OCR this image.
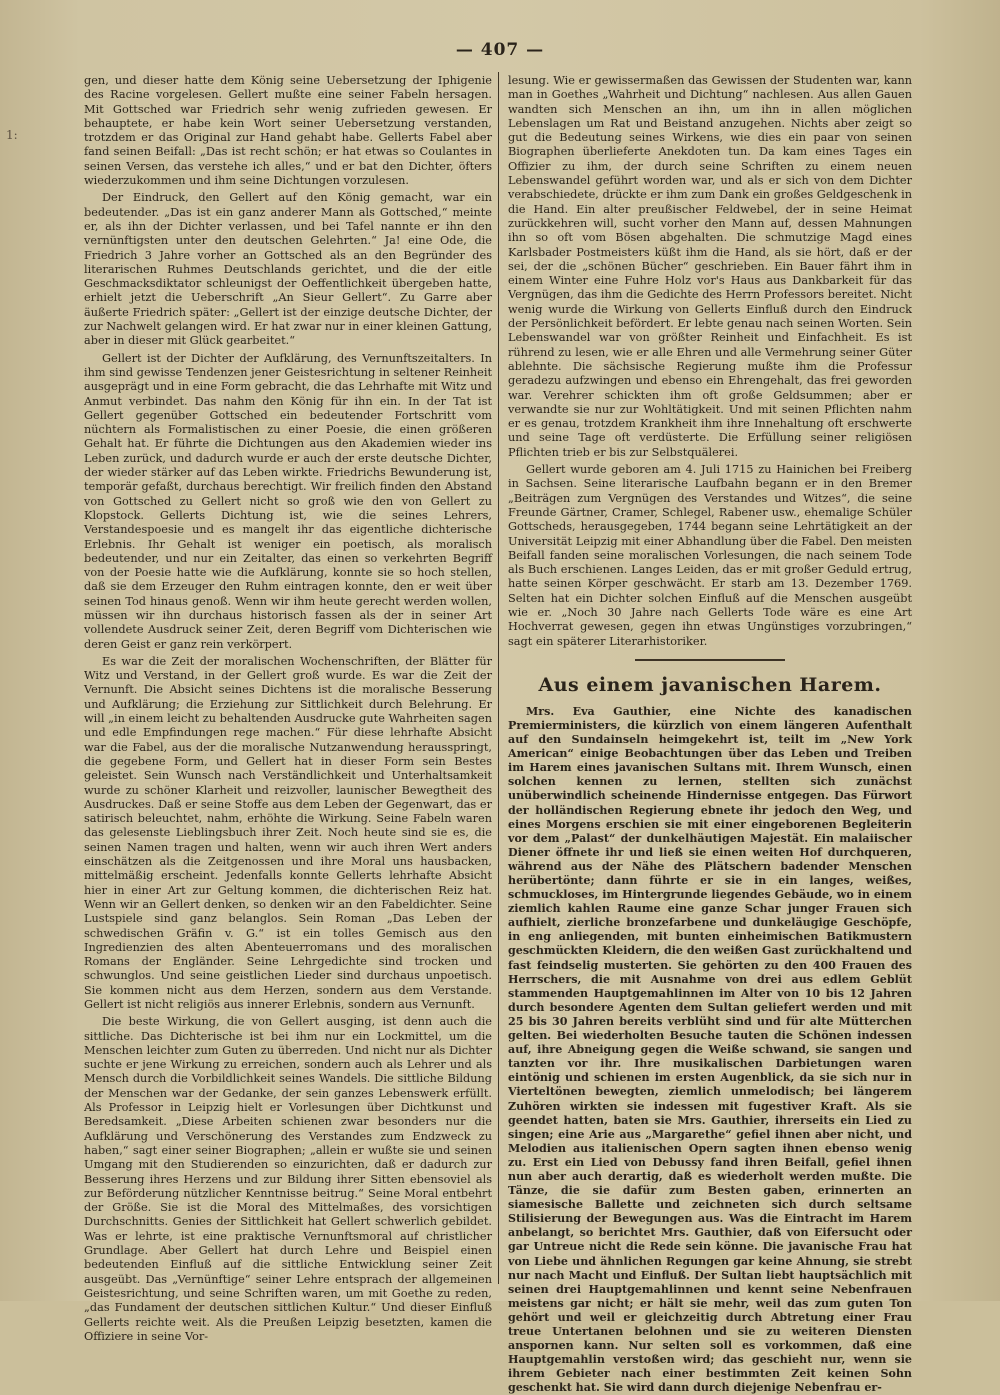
— 407 —
1:

gen, und dieser hatte dem König seine Uebersetzung der Iphigenie des Racine vorgelesen. Gellert mußte eine seiner Fabeln hersagen. Mit Gottsched war Friedrich sehr wenig zufrieden gewesen. Er behauptete, er habe kein Wort seiner Uebersetzung verstanden, trotzdem er das Original zur Hand gehabt habe. Gellerts Fabel aber fand seinen Beifall: „Das ist recht schön; er hat etwas so Coulantes in seinen Versen, das verstehe ich alles,“ und er bat den Dichter, öfters wiederzukommen und ihm seine Dichtungen vorzulesen.

Der Eindruck, den Gellert auf den König gemacht, war ein bedeutender. „Das ist ein ganz anderer Mann als Gottsched,“ meinte er, als ihn der Dichter verlassen, und bei Tafel nannte er ihn den vernünftigsten unter den deutschen Gelehrten.“ Ja! eine Ode, die Friedrich 3 Jahre vorher an Gottsched als an den Begründer des literarischen Ruhmes Deutschlands gerichtet, und die der eitle Geschmacksdiktator schleunigst der Oeffentlichkeit übergeben hatte, erhielt jetzt die Ueberschrift „An Sieur Gellert“. Zu Garre aber äußerte Friedrich später: „Gellert ist der einzige deutsche Dichter, der zur Nachwelt gelangen wird. Er hat zwar nur in einer kleinen Gattung, aber in dieser mit Glück gearbeitet.“

Gellert ist der Dichter der Aufklärung, des Vernunftszeitalters. In ihm sind gewisse Tendenzen jener Geistesrichtung in seltener Reinheit ausgeprägt und in eine Form gebracht, die das Lehrhafte mit Witz und Anmut verbindet. Das nahm den König für ihn ein. In der Tat ist Gellert gegenüber Gottsched ein bedeutender Fortschritt vom nüchtern als Formalistischen zu einer Poesie, die einen größeren Gehalt hat. Er führte die Dichtungen aus den Akademien wieder ins Leben zurück, und dadurch wurde er auch der erste deutsche Dichter, der wieder stärker auf das Leben wirkte. Friedrichs Bewunderung ist, temporär gefaßt, durchaus berechtigt. Wir freilich finden den Abstand von Gottsched zu Gellert nicht so groß wie den von Gellert zu Klopstock. Gellerts Dichtung ist, wie die seines Lehrers, Verstandespoesie und es mangelt ihr das eigentliche dichterische Erlebnis. Ihr Gehalt ist weniger ein poetisch, als moralisch bedeutender, und nur ein Zeitalter, das einen so verkehrten Begriff von der Poesie hatte wie die Aufklärung, konnte sie so hoch stellen, daß sie dem Erzeuger den Ruhm eintragen konnte, den er weit über seinen Tod hinaus genoß. Wenn wir ihm heute gerecht werden wollen, müssen wir ihn durchaus historisch fassen als der in seiner Art vollendete Ausdruck seiner Zeit, deren Begriff vom Dichterischen wie deren Geist er ganz rein verkörpert.

Es war die Zeit der moralischen Wochenschriften, der Blätter für Witz und Verstand, in der Gellert groß wurde. Es war die Zeit der Vernunft. Die Absicht seines Dichtens ist die moralische Besserung und Aufklärung; die Erziehung zur Sittlichkeit durch Belehrung. Er will „in einem leicht zu behaltenden Ausdrucke gute Wahrheiten sagen und edle Empfindungen rege machen.“ Für diese lehrhafte Absicht war die Fabel, aus der die moralische Nutzanwendung herausspringt, die gegebene Form, und Gellert hat in dieser Form sein Bestes geleistet. Sein Wunsch nach Verständlichkeit und Unterhaltsamkeit wurde zu schöner Klarheit und reizvoller, launischer Bewegtheit des Ausdruckes. Daß er seine Stoffe aus dem Leben der Gegenwart, das er satirisch beleuchtet, nahm, erhöhte die Wirkung. Seine Fabeln waren das gelesenste Lieblingsbuch ihrer Zeit. Noch heute sind sie es, die seinen Namen tragen und halten, wenn wir auch ihren Wert anders einschätzen als die Zeitgenossen und ihre Moral uns hausbacken, mittelmäßig erscheint. Jedenfalls konnte Gellerts lehrhafte Absicht hier in einer Art zur Geltung kommen, die dichterischen Reiz hat. Wenn wir an Gellert denken, so denken wir an den Fabeldichter. Seine Lustspiele sind ganz belanglos. Sein Roman „Das Leben der schwedischen Gräfin v. G.“ ist ein tolles Gemisch aus den Ingredienzien des alten Abenteuerromans und des moralischen Romans der Engländer. Seine Lehrgedichte sind trocken und schwunglos. Und seine geistlichen Lieder sind durchaus unpoetisch. Sie kommen nicht aus dem Herzen, sondern aus dem Verstande. Gellert ist nicht religiös aus innerer Erlebnis, sondern aus Vernunft.

Die beste Wirkung, die von Gellert ausging, ist denn auch die sittliche. Das Dichterische ist bei ihm nur ein Lockmittel, um die Menschen leichter zum Guten zu überreden. Und nicht nur als Dichter suchte er jene Wirkung zu erreichen, sondern auch als Lehrer und als Mensch durch die Vorbildlichkeit seines Wandels. Die sittliche Bildung der Menschen war der Gedanke, der sein ganzes Lebenswerk erfüllt. Als Professor in Leipzig hielt er Vorlesungen über Dichtkunst und Beredsamkeit. „Diese Arbeiten schienen zwar besonders nur die Aufklärung und Verschönerung des Verstandes zum Endzweck zu haben,“ sagt einer seiner Biographen; „allein er wußte sie und seinen Umgang mit den Studierenden so einzurichten, daß er dadurch zur Besserung ihres Herzens und zur Bildung ihrer Sitten ebensoviel als zur Beförderung nützlicher Kenntnisse beitrug.“ Seine Moral entbehrt der Größe. Sie ist die Moral des Mittelmaßes, des vorsichtigen Durchschnitts. Genies der Sittlichkeit hat Gellert schwerlich gebildet. Was er lehrte, ist eine praktische Vernunftsmoral auf christlicher Grundlage. Aber Gellert hat durch Lehre und Beispiel einen bedeutenden Einfluß auf die sittliche Entwicklung seiner Zeit ausgeübt. Das „Vernünftige“ seiner Lehre entsprach der allgemeinen Geistesrichtung, und seine Schriften waren, um mit Goethe zu reden, „das Fundament der deutschen sittlichen Kultur.“ Und dieser Einfluß Gellerts reichte weit. Als die Preußen Leipzig besetzten, kamen die Offiziere in seine Vor-

lesung. Wie er gewissermaßen das Gewissen der Studenten war, kann man in Goethes „Wahrheit und Dichtung“ nachlesen. Aus allen Gauen wandten sich Menschen an ihn, um ihn in allen möglichen Lebenslagen um Rat und Beistand anzugehen. Nichts aber zeigt so gut die Bedeutung seines Wirkens, wie dies ein paar von seinen Biographen überlieferte Anekdoten tun. Da kam eines Tages ein Offizier zu ihm, der durch seine Schriften zu einem neuen Lebenswandel geführt worden war, und als er sich von dem Dichter verabschiedete, drückte er ihm zum Dank ein großes Geldgeschenk in die Hand. Ein alter preußischer Feldwebel, der in seine Heimat zurückkehren will, sucht vorher den Mann auf, dessen Mahnungen ihn so oft vom Bösen abgehalten. Die schmutzige Magd eines Karlsbader Postmeisters küßt ihm die Hand, als sie hört, daß er der sei, der die „schönen Bücher“ geschrieben. Ein Bauer fährt ihm in einem Winter eine Fuhre Holz vor's Haus aus Dankbarkeit für das Vergnügen, das ihm die Gedichte des Herrn Professors bereitet. Nicht wenig wurde die Wirkung von Gellerts Einfluß durch den Eindruck der Persönlichkeit befördert. Er lebte genau nach seinen Worten. Sein Lebenswandel war von größter Reinheit und Einfachheit. Es ist rührend zu lesen, wie er alle Ehren und alle Vermehrung seiner Güter ablehnte. Die sächsische Regierung mußte ihm die Professur geradezu aufzwingen und ebenso ein Ehrengehalt, das frei geworden war. Verehrer schickten ihm oft große Geldsummen; aber er verwandte sie nur zur Wohltätigkeit. Und mit seinen Pflichten nahm er es genau, trotzdem Krankheit ihm ihre Innehaltung oft erschwerte und seine Tage oft verdüsterte. Die Erfüllung seiner religiösen Pflichten trieb er bis zur Selbstquälerei.

Gellert wurde geboren am 4. Juli 1715 zu Hainichen bei Freiberg in Sachsen. Seine literarische Laufbahn begann er in den Bremer „Beiträgen zum Vergnügen des Verstandes und Witzes“, die seine Freunde Gärtner, Cramer, Schlegel, Rabener usw., ehemalige Schüler Gottscheds, herausgegeben, 1744 begann seine Lehrtätigkeit an der Universität Leipzig mit einer Abhandlung über die Fabel. Den meisten Beifall fanden seine moralischen Vorlesungen, die nach seinem Tode als Buch erschienen. Langes Leiden, das er mit großer Geduld ertrug, hatte seinen Körper geschwächt. Er starb am 13. Dezember 1769. Selten hat ein Dichter solchen Einfluß auf die Menschen ausgeübt wie er. „Noch 30 Jahre nach Gellerts Tode wäre es eine Art Hochverrat gewesen, gegen ihn etwas Ungünstiges vorzubringen,“ sagt ein späterer Literarhistoriker.

Aus einem javanischen Harem.

Mrs. Eva Gauthier, eine Nichte des kanadischen Premierministers, die kürzlich von einem längeren Aufenthalt auf den Sundainseln heimgekehrt ist, teilt im „New York American“ einige Beobachtungen über das Leben und Treiben im Harem eines javanischen Sultans mit. Ihrem Wunsch, einen solchen kennen zu lernen, stellten sich zunächst unüberwindlich scheinende Hindernisse entgegen. Das Fürwort der holländischen Regierung ebnete ihr jedoch den Weg, und eines Morgens erschien sie mit einer eingeborenen Begleiterin vor dem „Palast“ der dunkelhäutigen Majestät. Ein malaiischer Diener öffnete ihr und ließ sie einen weiten Hof durchqueren, während aus der Nähe des Plätschern badender Menschen herübertönte; dann führte er sie in ein langes, weißes, schmuckloses, im Hintergrunde liegendes Gebäude, wo in einem ziemlich kahlen Raume eine ganze Schar junger Frauen sich aufhielt, zierliche bronzefarbene und dunkeläugige Geschöpfe, in eng anliegenden, mit bunten einheimischen Batikmustern geschmückten Kleidern, die den weißen Gast zurückhaltend und fast feindselig musterten. Sie gehörten zu den 400 Frauen des Herrschers, die mit Ausnahme von drei aus edlem Geblüt stammenden Hauptgemahlinnen im Alter von 10 bis 12 Jahren durch besondere Agenten dem Sultan geliefert werden und mit 25 bis 30 Jahren bereits verblüht sind und für alte Mütterchen gelten. Bei wiederholten Besuche tauten die Schönen indessen auf, ihre Abneigung gegen die Weiße schwand, sie sangen und tanzten vor ihr. Ihre musikalischen Darbietungen waren eintönig und schienen im ersten Augenblick, da sie sich nur in Vierteltönen bewegten, ziemlich unmelodisch; bei längerem Zuhören wirkten sie indessen mit fugestiver Kraft. Als sie geendet hatten, baten sie Mrs. Gauthier, ihrerseits ein Lied zu singen; eine Arie aus „Margarethe“ gefiel ihnen aber nicht, und Melodien aus italienischen Opern sagten ihnen ebenso wenig zu. Erst ein Lied von Debussy fand ihren Beifall, gefiel ihnen nun aber auch derartig, daß es wiederholt werden mußte. Die Tänze, die sie dafür zum Besten gaben, erinnerten an siamesische Ballette und zeichneten sich durch seltsame Stilisierung der Bewegungen aus. Was die Eintracht im Harem anbelangt, so berichtet Mrs. Gauthier, daß von Eifersucht oder gar Untreue nicht die Rede sein könne. Die javanische Frau hat von Liebe und ähnlichen Regungen gar keine Ahnung, sie strebt nur nach Macht und Einfluß. Der Sultan liebt hauptsächlich mit seinen drei Hauptgemahlinnen und kennt seine Nebenfrauen meistens gar nicht; er hält sie mehr, weil das zum guten Ton gehört und weil er gleichzeitig durch Abtretung einer Frau treue Untertanen belohnen und sie zu weiteren Diensten anspornen kann. Nur selten soll es vorkommen, daß eine Hauptgemahlin verstoßen wird; das geschieht nur, wenn sie ihrem Gebieter nach einer bestimmten Zeit keinen Sohn geschenkt hat. Sie wird dann durch diejenige Nebenfrau er-
